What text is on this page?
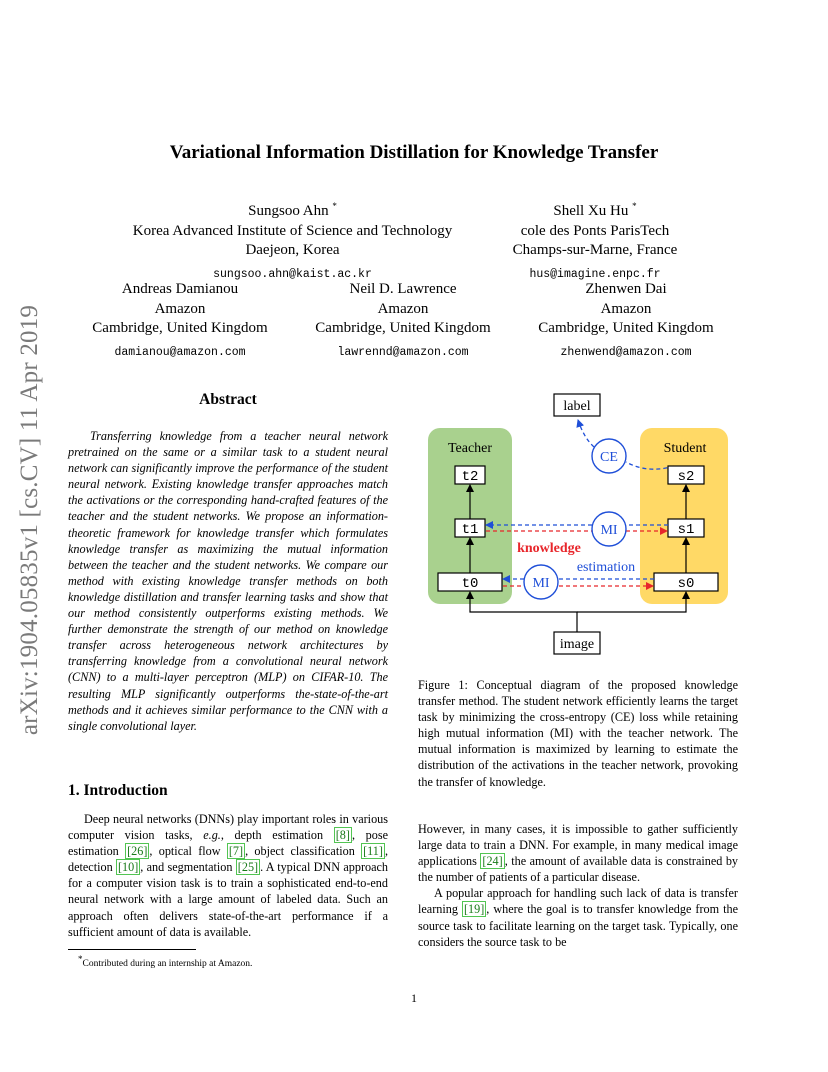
arXiv:1904.05835v1 [cs.CV] 11 Apr 2019
Variational Information Distillation for Knowledge Transfer
Sungsoo Ahn *
Korea Advanced Institute of Science and Technology
Daejeon, Korea
sungsoo.ahn@kaist.ac.kr
Shell Xu Hu *
cole des Ponts ParisTech
Champs-sur-Marne, France
hus@imagine.enpc.fr
Andreas Damianou
Amazon
Cambridge, United Kingdom
damianou@amazon.com
Neil D. Lawrence
Amazon
Cambridge, United Kingdom
lawrennd@amazon.com
Zhenwen Dai
Amazon
Cambridge, United Kingdom
zhenwend@amazon.com
Abstract

Transferring knowledge from a teacher neural network pretrained on the same or a similar task to a student neural network can significantly improve the performance of the student neural network. Existing knowledge transfer approaches match the activations or the corresponding hand-crafted features of the teacher and the student networks. We propose an information-theoretic framework for knowledge transfer which formulates knowledge transfer as maximizing the mutual information between the teacher and the student networks. We compare our method with existing knowledge transfer methods on both knowledge distillation and transfer learning tasks and show that our method consistently outperforms existing methods. We further demonstrate the strength of our method on knowledge transfer across heterogeneous network architectures by transferring knowledge from a convolutional neural network (CNN) to a multi-layer perceptron (MLP) on CIFAR-10. The resulting MLP significantly outperforms the-state-of-the-art methods and it achieves similar performance to the CNN with a single convolutional layer.

1. Introduction

Deep neural networks (DNNs) play important roles in various computer vision tasks, e.g., depth estimation [8] , pose estimation [26] , optical flow [7] , object classification [11] , detection [10] , and segmentation [25] . A typical DNN approach for a computer vision task is to train a sophisticated end-to-end neural network with a large amount of labeled data. Such an approach often delivers state-of-the-art performance if a sufficient amount of data is available.

*Contributed during an internship at Amazon.
Teacher	Student
label
CE
t2
t1
t0
s2
s1
s0
image
MI
knowledge
estimation
MI
Figure 1: Conceptual diagram of the proposed knowledge transfer method. The student network efficiently learns the target task by minimizing the cross-entropy (CE) loss while retaining high mutual information (MI) with the teacher network. The mutual information is maximized by learning to estimate the distribution of the activations in the teacher network, provoking the transfer of knowledge.

However, in many cases, it is impossible to gather sufficiently large data to train a DNN. For example, in many medical image applications [24] , the amount of available data is constrained by the number of patients of a particular disease.

A popular approach for handling such lack of data is transfer learning [19] , where the goal is to transfer knowledge from the source task to facilitate learning on the target task. Typically, one considers the source task to be

1
